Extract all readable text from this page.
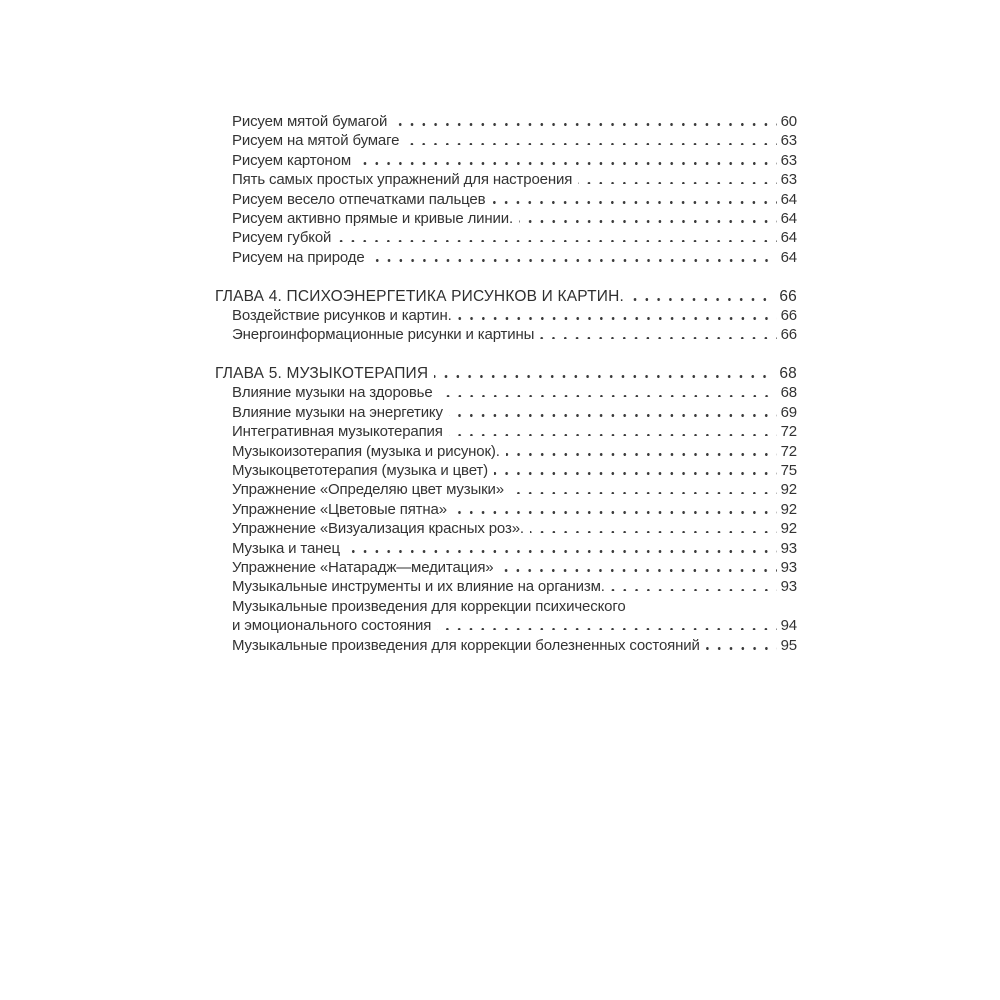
Рисуем мятой бумагой	60
Рисуем на мятой бумаге	63
Рисуем картоном	63
Пять самых простых упражнений для настроения	63
Рисуем весело отпечатками пальцев	64
Рисуем активно прямые и кривые линии.	64
Рисуем губкой	64
Рисуем на природе	64
ГЛАВА 4. ПСИХОЭНЕРГЕТИКА РИСУНКОВ И КАРТИН.	66
Воздействие рисунков и картин.	66
Энергоинформационные рисунки и картины	66
ГЛАВА 5. МУЗЫКОТЕРАПИЯ	68
Влияние музыки на здоровье	68
Влияние музыки на энергетику	69
Интегративная музыкотерапия	72
Музыкоизотерапия (музыка и рисунок).	72
Музыкоцветотерапия (музыка и цвет)	75
Упражнение «Определяю цвет музыки»	92
Упражнение «Цветовые пятна»	92
Упражнение «Визуализация красных роз».	92
Музыка и танец	93
Упражнение «Натарадж—медитация»	93
Музыкальные инструменты и их влияние на организм.	93
Музыкальные произведения для коррекции психического
и эмоционального состояния	94
Музыкальные произведения для коррекции болезненных состояний	95
